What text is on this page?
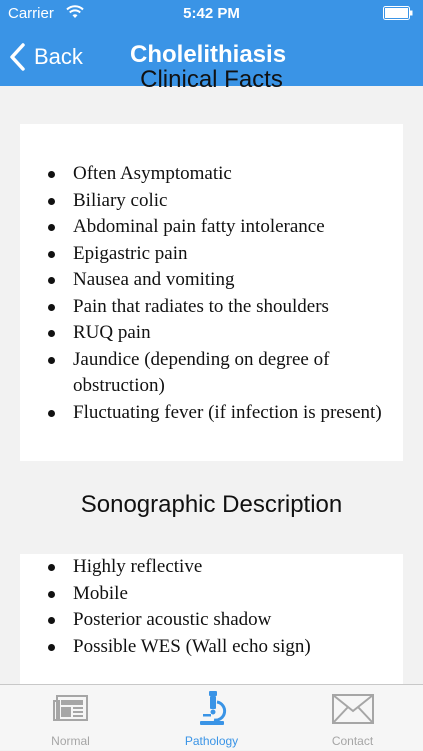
Carrier	5:42 PM
Back Cholelithiasis
Clinical Facts
Often Asymptomatic
Biliary colic
Abdominal pain fatty intolerance
Epigastric pain
Nausea and vomiting
Pain that radiates to the shoulders
RUQ pain
Jaundice (depending on degree of obstruction)
Fluctuating fever (if infection is present)
Sonographic Description
Highly reflective
Mobile
Posterior acoustic shadow
Possible WES (Wall echo sign)
Normal	Pathology	Contact
